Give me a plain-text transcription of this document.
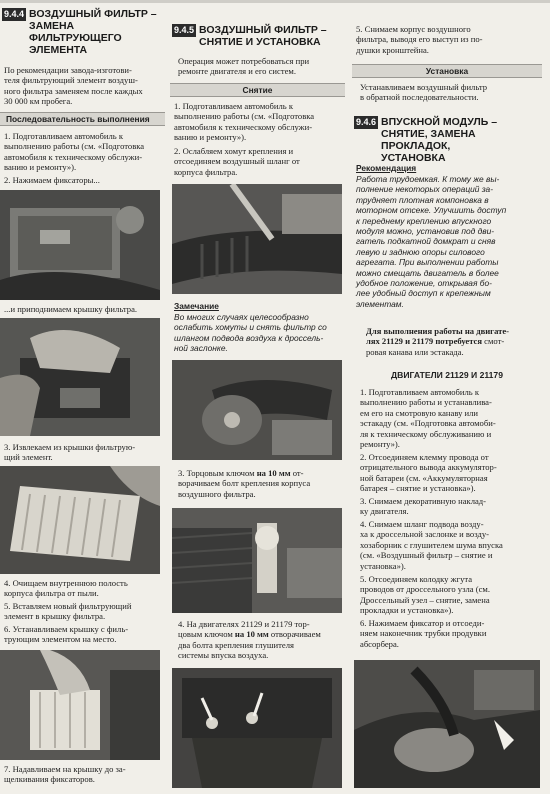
9.4.4 ВОЗДУШНЫЙ ФИЛЬТР –
ЗАМЕНА ФИЛЬТРУЮЩЕГО
ЭЛЕМЕНТА
По рекомендации завода-изготови-
теля фильтрующий элемент воздуш-
ного фильтра заменяем после каждых
30 000 км пробега.
Последовательность выполнения
1. Подготавливаем автомобиль к
выполнению работы (см. «Подготовка
автомобиля к техническому обслужи-
ванию и ремонту»).
2. Нажимаем фиксаторы...
...и приподнимаем крышку фильтра.
3. Извлекаем из крышки фильтрую-
щий элемент.
4. Очищаем внутреннюю полость
корпуса фильтра от пыли.
5. Вставляем новый фильтрующий
элемент в крышку фильтра.
6. Устанавливаем крышку с филь-
трующим элементом на место.
7. Надавливаем на крышку до за-
щелкивания фиксаторов.
9.4.5 ВОЗДУШНЫЙ ФИЛЬТР –
СНЯТИЕ И УСТАНОВКА
Операция может потребоваться при
ремонте двигателя и его систем.
Снятие
1. Подготавливаем автомобиль к
выполнению работы (см. «Подготовка
автомобиля к техническому обслужи-
ванию и ремонту»).
2. Ослабляем хомут крепления и
отсоединяем воздушный шланг от
корпуса фильтра.
Замечание
Во многих случаях целесообразно
ослабить хомуты и снять фильтр со
шлангом подвода воздуха к дроссель-
ной заслонке.
3. Торцовым ключом на 10 мм от-
ворачиваем болт крепления корпуса
воздушного фильтра.
4. На двигателях 21129 и 21179 тор-
цовым ключом на 10 мм отворачиваем
два болта крепления глушителя
системы впуска воздуха.
5. Снимаем корпус воздушного
фильтра, выводя его выступ из по-
душки кронштейна.
Установка
Устанавливаем воздушный фильтр
в обратной последовательности.
9.4.6 ВПУСКНОЙ МОДУЛЬ –
СНЯТИЕ, ЗАМЕНА ПРОКЛАДОК,
УСТАНОВКА
Рекомендация
Работа трудоемкая. К тому же вы-
полнение некоторых операций за-
трудняет плотная компоновка в
моторном отсеке. Улучшить доступ
к переднему креплению впускного
модуля можно, установив под дви-
гатель подкатной домкрат и сняв
левую и заднюю опоры силового
агрегата. При выполнении работы
можно смещать двигатель в более
удобное положение, открывая бо-
лее удобный доступ к крепежным
элементам.
Для выполнения работы на двигате-
лях 21129 и 21179 потребуется смот-
ровая канава или эстакада.
ДВИГАТЕЛИ 21129 И 21179
1. Подготавливаем автомобиль к
выполнению работы и устанавлива-
ем его на смотровую канаву или
эстакаду (см. «Подготовка автомоби-
ля к техническому обслуживанию и
ремонту»).
2. Отсоединяем клемму провода от
отрицательного вывода аккумулятор-
ной батареи (см. «Аккумуляторная
батарея – снятие и установка»).
3. Снимаем декоративную наклад-
ку двигателя.
4. Снимаем шланг подвода возду-
ха к дроссельной заслонке и возду-
хозаборник с глушителем шума впуска
(см. «Воздушный фильтр – снятие и
установка»).
5. Отсоединяем колодку жгута
проводов от дроссельного узла (см.
Дроссельный узел – снятие, замена
прокладки и установка»).
6. Нажимаем фиксатор и отсоеди-
няем наконечник трубки продувки
абсорбера.
